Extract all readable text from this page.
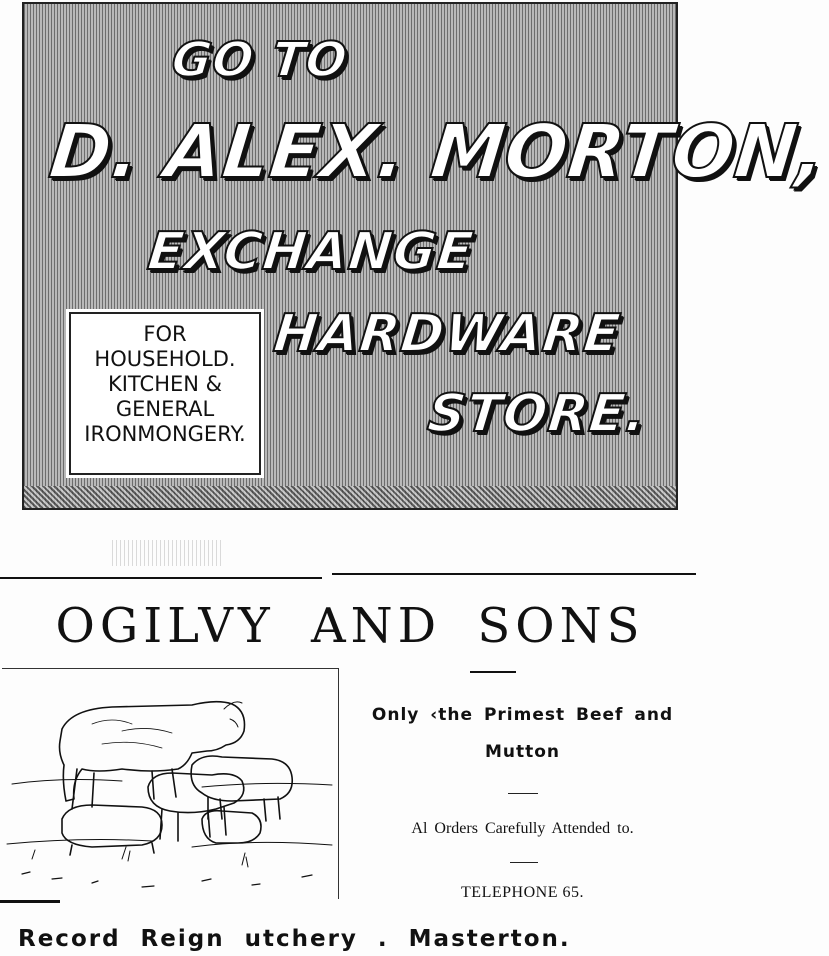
GO TO
D. ALEX. MORTON,
EXCHANGE
HARDWARE
STORE.
FOR
HOUSEHOLD.
KITCHEN &
GENERAL
IRONMONGERY.
OGILVY AND SONS
Only ‹the Primest Beef and
Mutton
Al Orders Carefully Attended to.
TELEPHONE 65.

Record Reign utchery . Masterton.
